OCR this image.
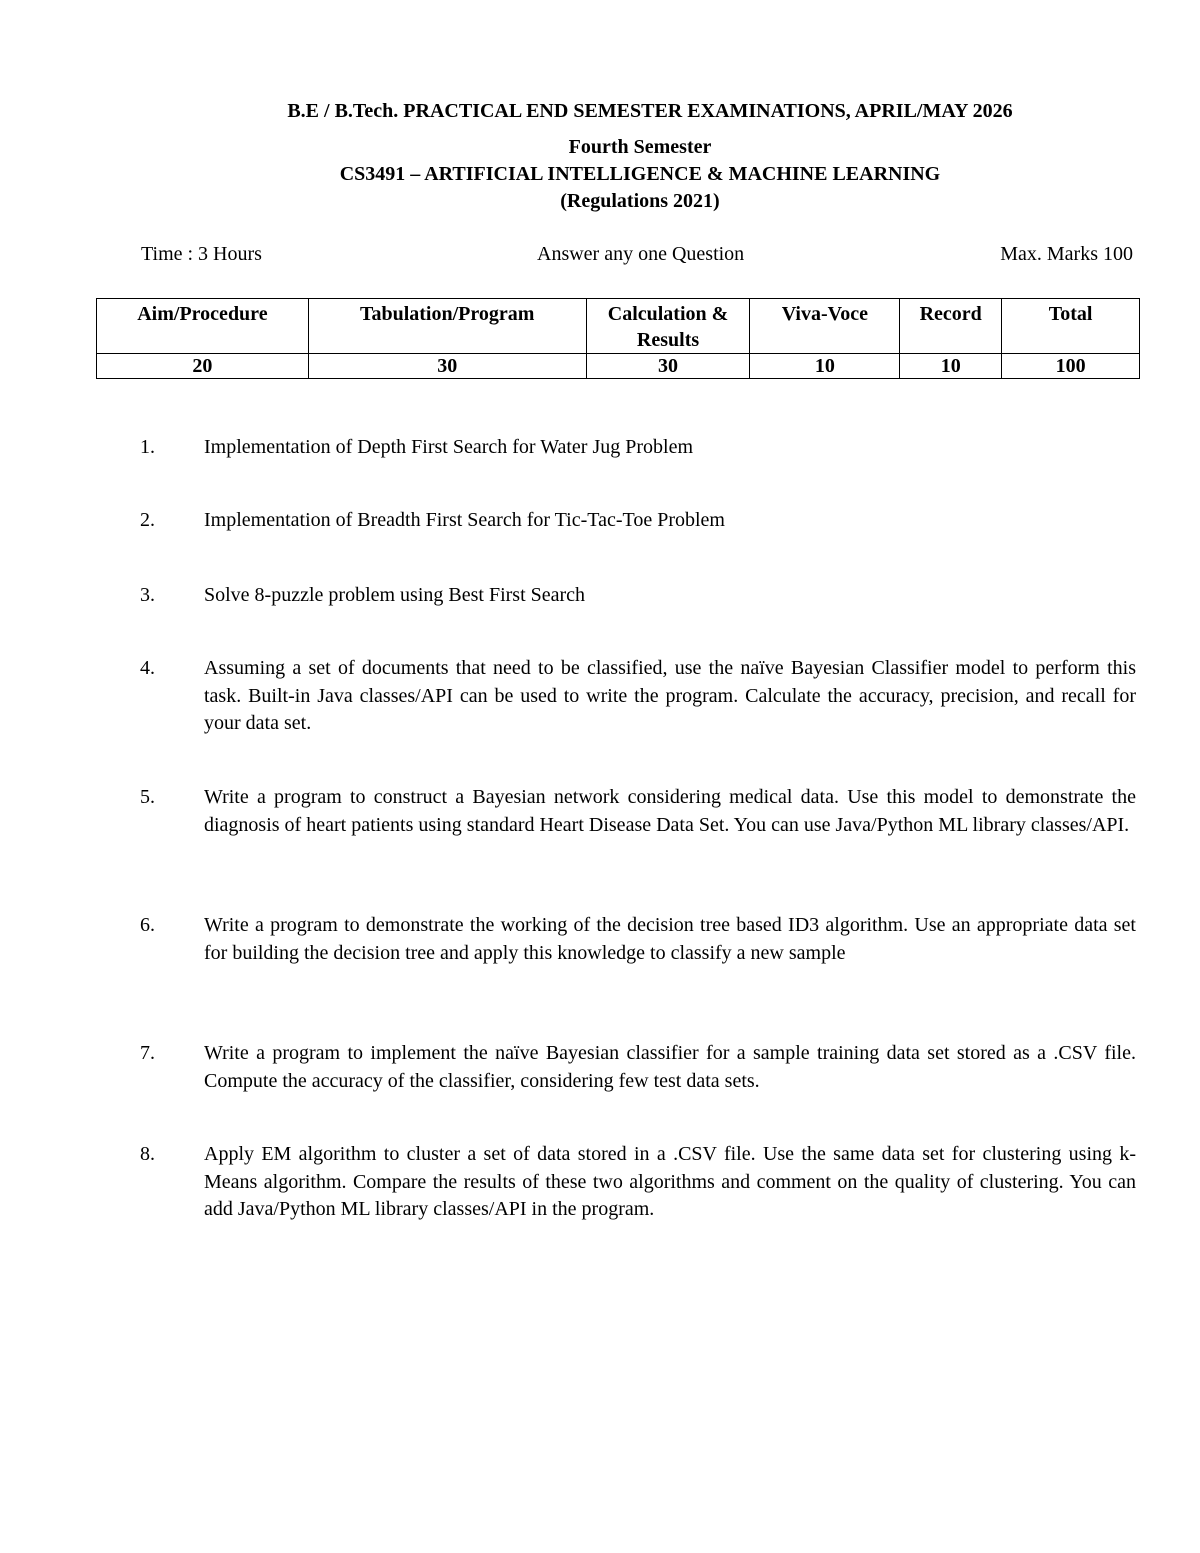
B.E / B.Tech. PRACTICAL END SEMESTER EXAMINATIONS, APRIL/MAY 2026
Fourth Semester
CS3491 – ARTIFICIAL INTELLIGENCE & MACHINE LEARNING
(Regulations 2021)
Time : 3 Hours	Answer any one Question	Max. Marks 100
Aim/Procedure	Tabulation/Program	Calculation & Results	Viva-Voce	Record	Total
20	30	30	10	10	100
1. Implementation of Depth First Search for Water Jug Problem
2. Implementation of Breadth First Search for Tic-Tac-Toe Problem
3. Solve 8-puzzle problem using Best First Search
4. Assuming a set of documents that need to be classified, use the naïve Bayesian Classifier model to perform this task. Built-in Java classes/API can be used to write the program. Calculate the accuracy, precision, and recall for your data set.
5. Write a program to construct a Bayesian network considering medical data. Use this model to demonstrate the diagnosis of heart patients using standard Heart Disease Data Set. You can use Java/Python ML library classes/API.
6. Write a program to demonstrate the working of the decision tree based ID3 algorithm. Use an appropriate data set for building the decision tree and apply this knowledge to classify a new sample
7. Write a program to implement the naïve Bayesian classifier for a sample training data set stored as a .CSV file. Compute the accuracy of the classifier, considering few test data sets.
8. Apply EM algorithm to cluster a set of data stored in a .CSV file. Use the same data set for clustering using k-Means algorithm. Compare the results of these two algorithms and comment on the quality of clustering. You can add Java/Python ML library classes/API in the program.
